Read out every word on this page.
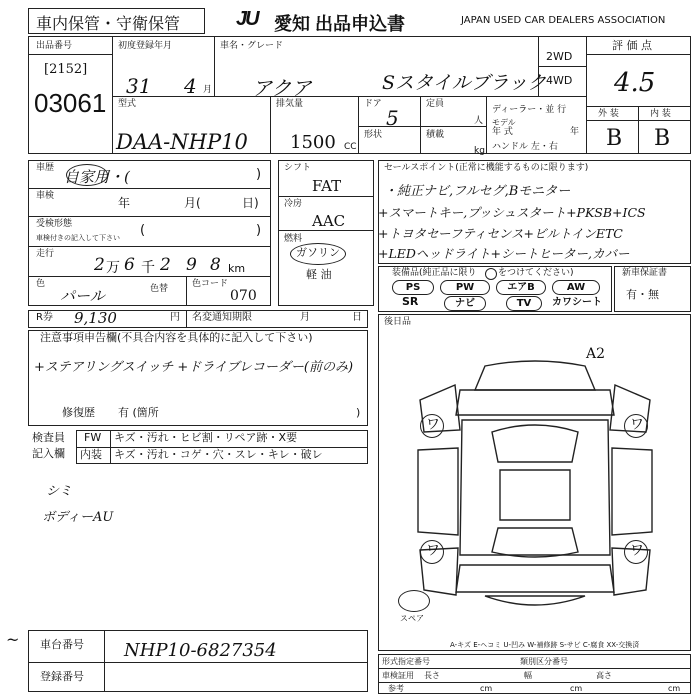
車内保管・守衛保管	JU 愛知 出品申込書	JAPAN USED CAR DEALERS ASSOCIATION
出品番号
[2152]
03061
初度登録年月
31 4 月
車名・グレード
アクア	Sスタイルブラック
2WD
4WD
評 価 点
4.5
外 装	内 装
B B
型式
DAA-NHP10
排気量
1500 CC
ドア
5
形状
定員
人
積載
kg
ディーラー・並 行
モデル
年 式	年
ハンドル 左・右
車歴 自家用・(	)
車検	年	月(	日)
受検形態
車検付きの記入して下さい (	)
走行
2 万 6 千 2 9 8 km
色
パール	色替	色コード
070
シフト
FAT
冷房
AAC
燃料
ガソリン
軽 油
セールスポイント(正常に機能するものに限ります)
・純正ナビ,フルセグ,Bモニター
+スマートキー,プッシュスタート+PKSB+ICS
+トヨタセーフティセンス+ビルトインETC
+LEDヘッドライト+シートヒーター,カバー
装備品(純正品に限り をつけてください)
PS	PW	エアB	AW
SR	ナビ	TV	カワシート
新車保証書
有・無
R券 9,130	円 名変通知期限	月	日
注意事項申告欄(不具合内容を具体的に記入して下さい)
+ステアリングスイッチ +ドライブレコーダー(前のみ)
修復歴 有 (箇所	)
検査員
記入欄
FW キズ・汚れ・ヒビ割・リペア跡・X要
内装 キズ・汚れ・コゲ・穴・スレ・キレ・破レ
シミ
ボディーAU
後日品
A2
ワ	ワ
ワ	ワ
スペア
A-キズ E-ヘコミ U-凹み W-補修跡 S-サビ C-腐食 XX-交換済
~ 車台番号 NHP10-6827354
登録番号
形式指定番号	類別区分番号
車検証用 長さ	幅	高さ
参考	cm	cm	cm
